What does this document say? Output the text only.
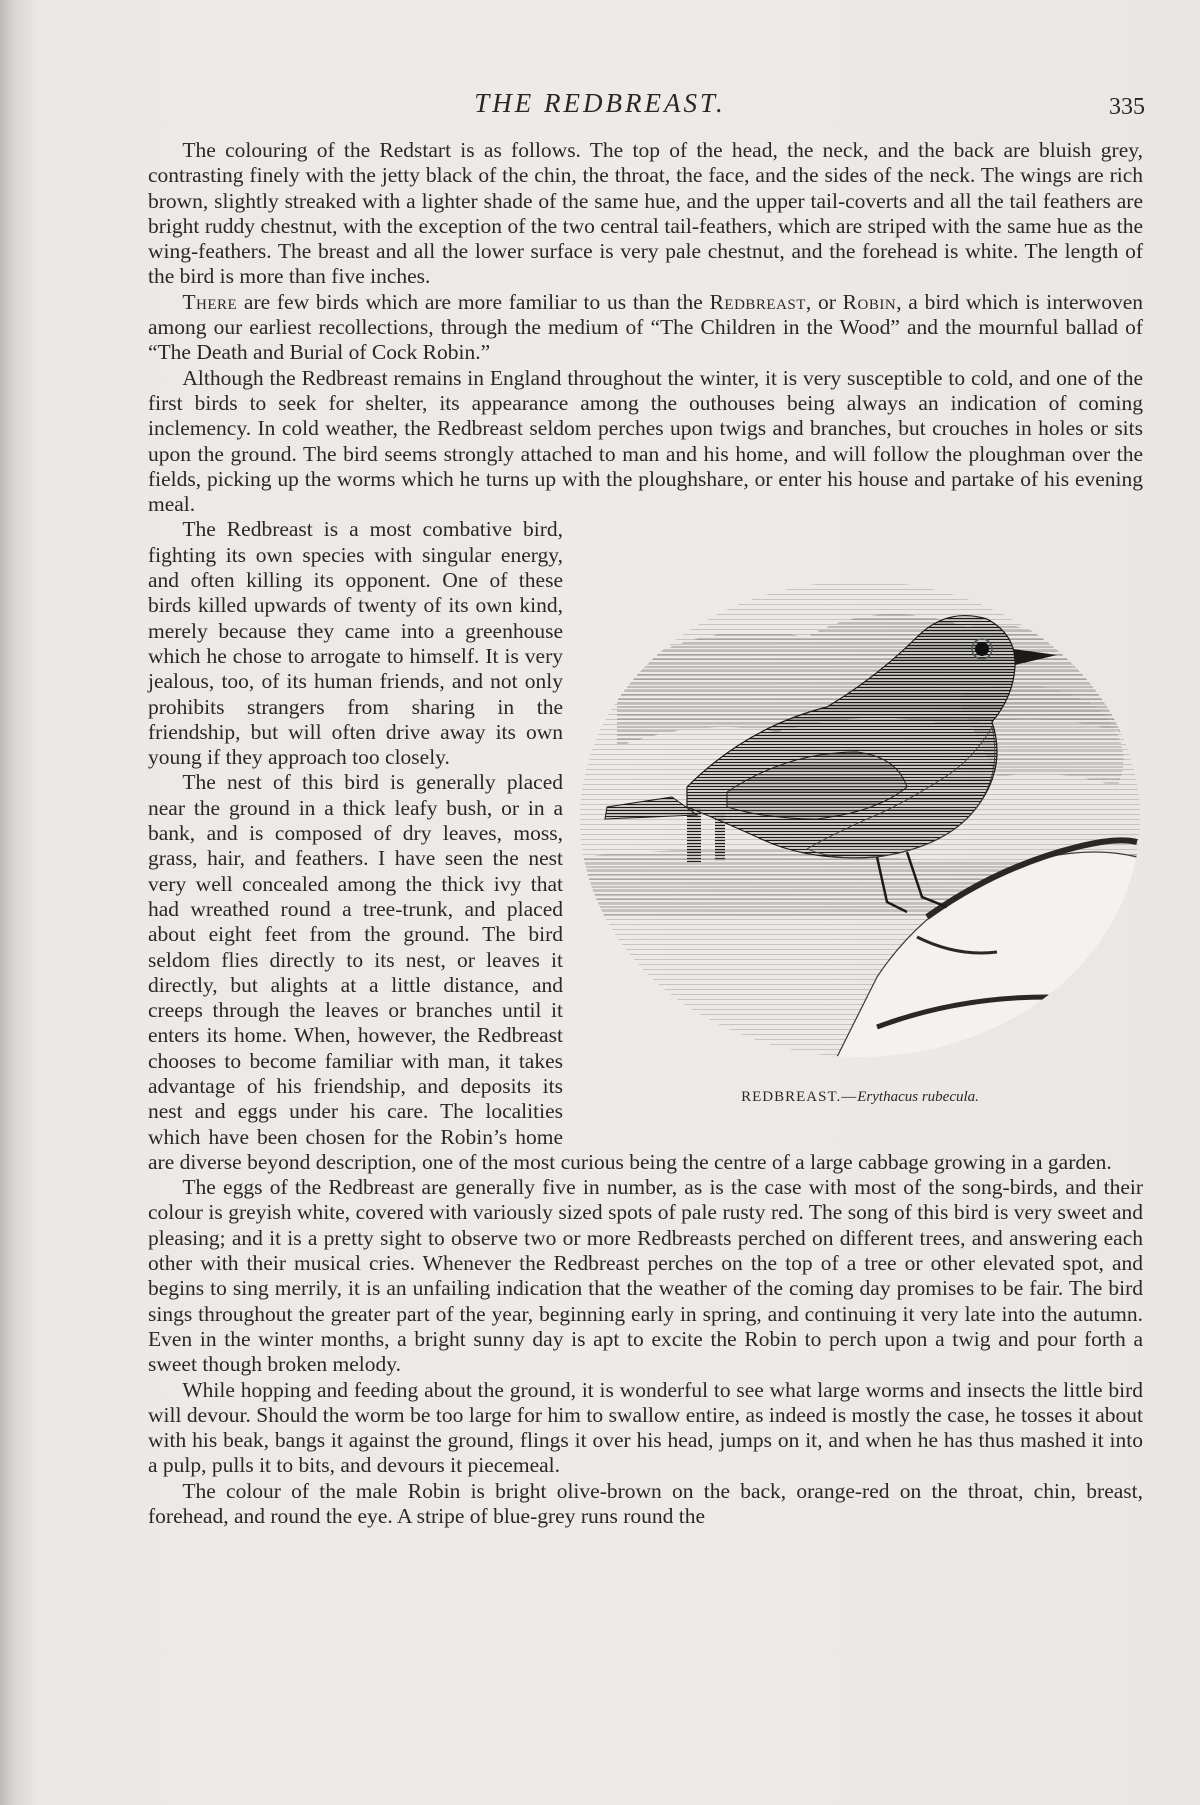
THE REDBREAST.	335

The colouring of the Redstart is as follows. The top of the head, the neck, and the back are bluish grey, contrasting finely with the jetty black of the chin, the throat, the face, and the sides of the neck. The wings are rich brown, slightly streaked with a lighter shade of the same hue, and the upper tail-coverts and all the tail feathers are bright ruddy chestnut, with the exception of the two central tail-feathers, which are striped with the same hue as the wing-feathers. The breast and all the lower surface is very pale chestnut, and the forehead is white. The length of the bird is more than five inches.

There are few birds which are more familiar to us than the Redbreast, or Robin, a bird which is interwoven among our earliest recollections, through the medium of “The Children in the Wood” and the mournful ballad of “The Death and Burial of Cock Robin.”

Although the Redbreast remains in England throughout the winter, it is very susceptible to cold, and one of the first birds to seek for shelter, its appearance among the outhouses being always an indication of coming inclemency. In cold weather, the Redbreast seldom perches upon twigs and branches, but crouches in holes or sits upon the ground. The bird seems strongly attached to man and his home, and will follow the ploughman over the fields, picking up the worms which he turns up with the ploughshare, or enter his house and partake of his evening meal.

REDBREAST.—Erythacus rubecula.

The Redbreast is a most combative bird, fighting its own species with singular energy, and often killing its opponent. One of these birds killed upwards of twenty of its own kind, merely because they came into a greenhouse which he chose to arrogate to himself. It is very jealous, too, of its human friends, and not only prohibits strangers from sharing in the friendship, but will often drive away its own young if they approach too closely.

The nest of this bird is generally placed near the ground in a thick leafy bush, or in a bank, and is composed of dry leaves, moss, grass, hair, and feathers. I have seen the nest very well concealed among the thick ivy that had wreathed round a tree-trunk, and placed about eight feet from the ground. The bird seldom flies directly to its nest, or leaves it directly, but alights at a little distance, and creeps through the leaves or branches until it enters its home. When, however, the Redbreast chooses to become familiar with man, it takes advantage of his friendship, and deposits its nest and eggs under his care. The localities which have been chosen for the Robin’s home are diverse beyond description, one of the most curious being the centre of a large cabbage growing in a garden.

The eggs of the Redbreast are generally five in number, as is the case with most of the song-birds, and their colour is greyish white, covered with variously sized spots of pale rusty red. The song of this bird is very sweet and pleasing; and it is a pretty sight to observe two or more Redbreasts perched on different trees, and answering each other with their musical cries. Whenever the Redbreast perches on the top of a tree or other elevated spot, and begins to sing merrily, it is an unfailing indication that the weather of the coming day promises to be fair. The bird sings throughout the greater part of the year, beginning early in spring, and continuing it very late into the autumn. Even in the winter months, a bright sunny day is apt to excite the Robin to perch upon a twig and pour forth a sweet though broken melody.

While hopping and feeding about the ground, it is wonderful to see what large worms and insects the little bird will devour. Should the worm be too large for him to swallow entire, as indeed is mostly the case, he tosses it about with his beak, bangs it against the ground, flings it over his head, jumps on it, and when he has thus mashed it into a pulp, pulls it to bits, and devours it piecemeal.

The colour of the male Robin is bright olive-brown on the back, orange-red on the throat, chin, breast, forehead, and round the eye. A stripe of blue-grey runs round the
